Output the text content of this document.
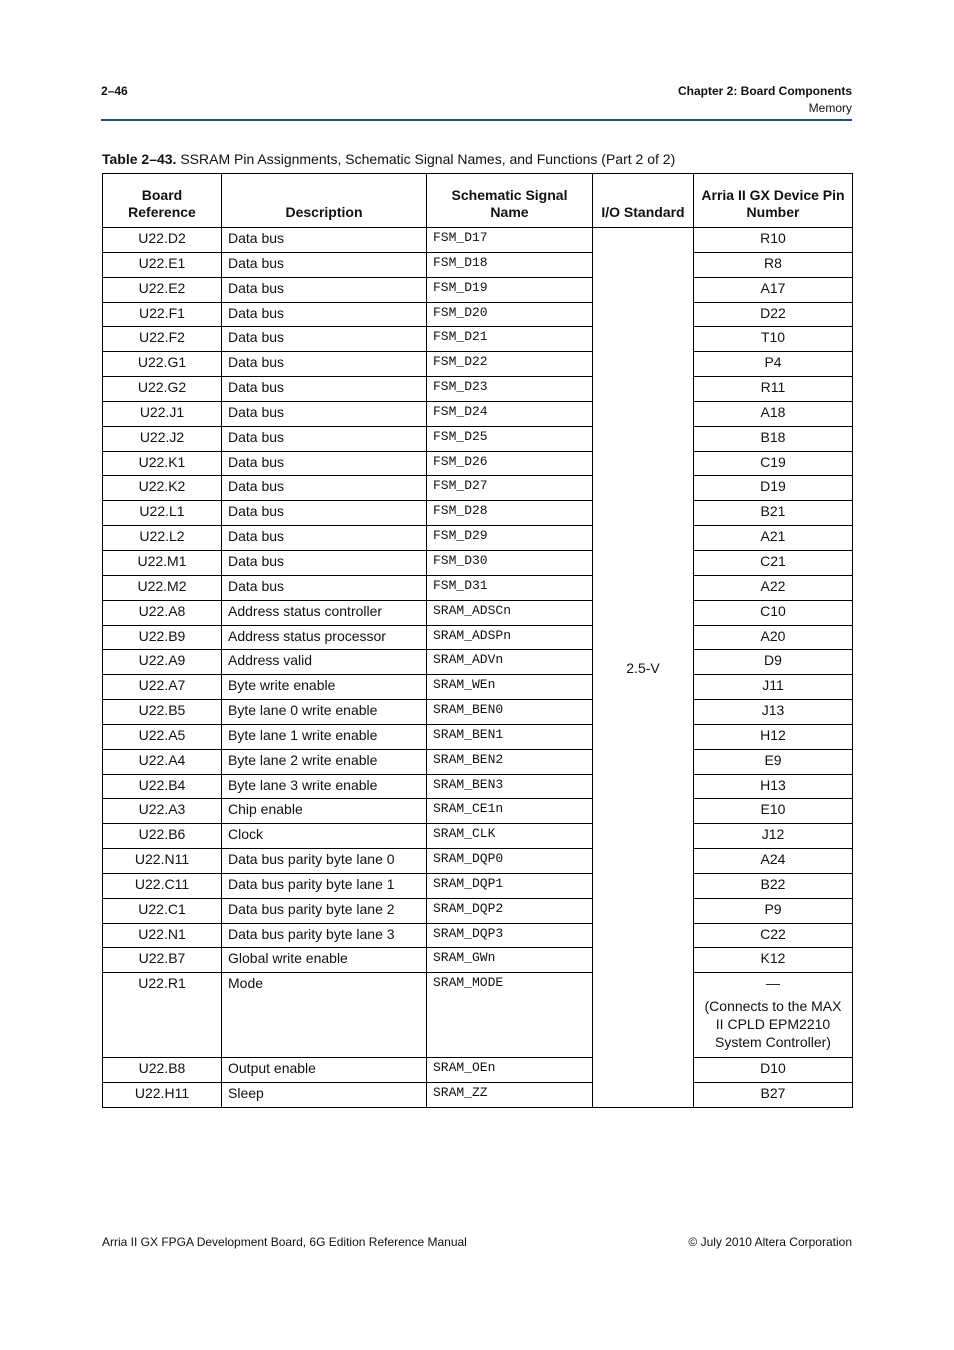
2–46	Chapter 2: Board Components
Memory
Table 2–43. SSRAM Pin Assignments, Schematic Signal Names, and Functions (Part 2 of 2)
Board Reference	Description	Schematic Signal Name	I/O Standard	Arria II GX Device Pin Number
U22.D2	Data bus	FSM_D17	2.5-V	R10
U22.E1	Data bus	FSM_D18		R8
U22.E2	Data bus	FSM_D19		A17
U22.F1	Data bus	FSM_D20		D22
U22.F2	Data bus	FSM_D21		T10
U22.G1	Data bus	FSM_D22		P4
U22.G2	Data bus	FSM_D23		R11
U22.J1	Data bus	FSM_D24		A18
U22.J2	Data bus	FSM_D25		B18
U22.K1	Data bus	FSM_D26		C19
U22.K2	Data bus	FSM_D27		D19
U22.L1	Data bus	FSM_D28		B21
U22.L2	Data bus	FSM_D29		A21
U22.M1	Data bus	FSM_D30		C21
U22.M2	Data bus	FSM_D31		A22
U22.A8	Address status controller	SRAM_ADSCn		C10
U22.B9	Address status processor	SRAM_ADSPn		A20
U22.A9	Address valid	SRAM_ADVn		D9
U22.A7	Byte write enable	SRAM_WEn		J11
U22.B5	Byte lane 0 write enable	SRAM_BEN0		J13
U22.A5	Byte lane 1 write enable	SRAM_BEN1		H12
U22.A4	Byte lane 2 write enable	SRAM_BEN2		E9
U22.B4	Byte lane 3 write enable	SRAM_BEN3		H13
U22.A3	Chip enable	SRAM_CE1n		E10
U22.B6	Clock	SRAM_CLK		J12
U22.N11	Data bus parity byte lane 0	SRAM_DQP0		A24
U22.C11	Data bus parity byte lane 1	SRAM_DQP1		B22
U22.C1	Data bus parity byte lane 2	SRAM_DQP2		P9
U22.N1	Data bus parity byte lane 3	SRAM_DQP3		C22
U22.B7	Global write enable	SRAM_GWn		K12
U22.R1	Mode	SRAM_MODE		—
(Connects to the MAX II CPLD EPM2210 System Controller)

U22.B8	Output enable	SRAM_OEn		D10
U22.H11	Sleep	SRAM_ZZ		B27
Arria II GX FPGA Development Board, 6G Edition Reference Manual	© July 2010 Altera Corporation
